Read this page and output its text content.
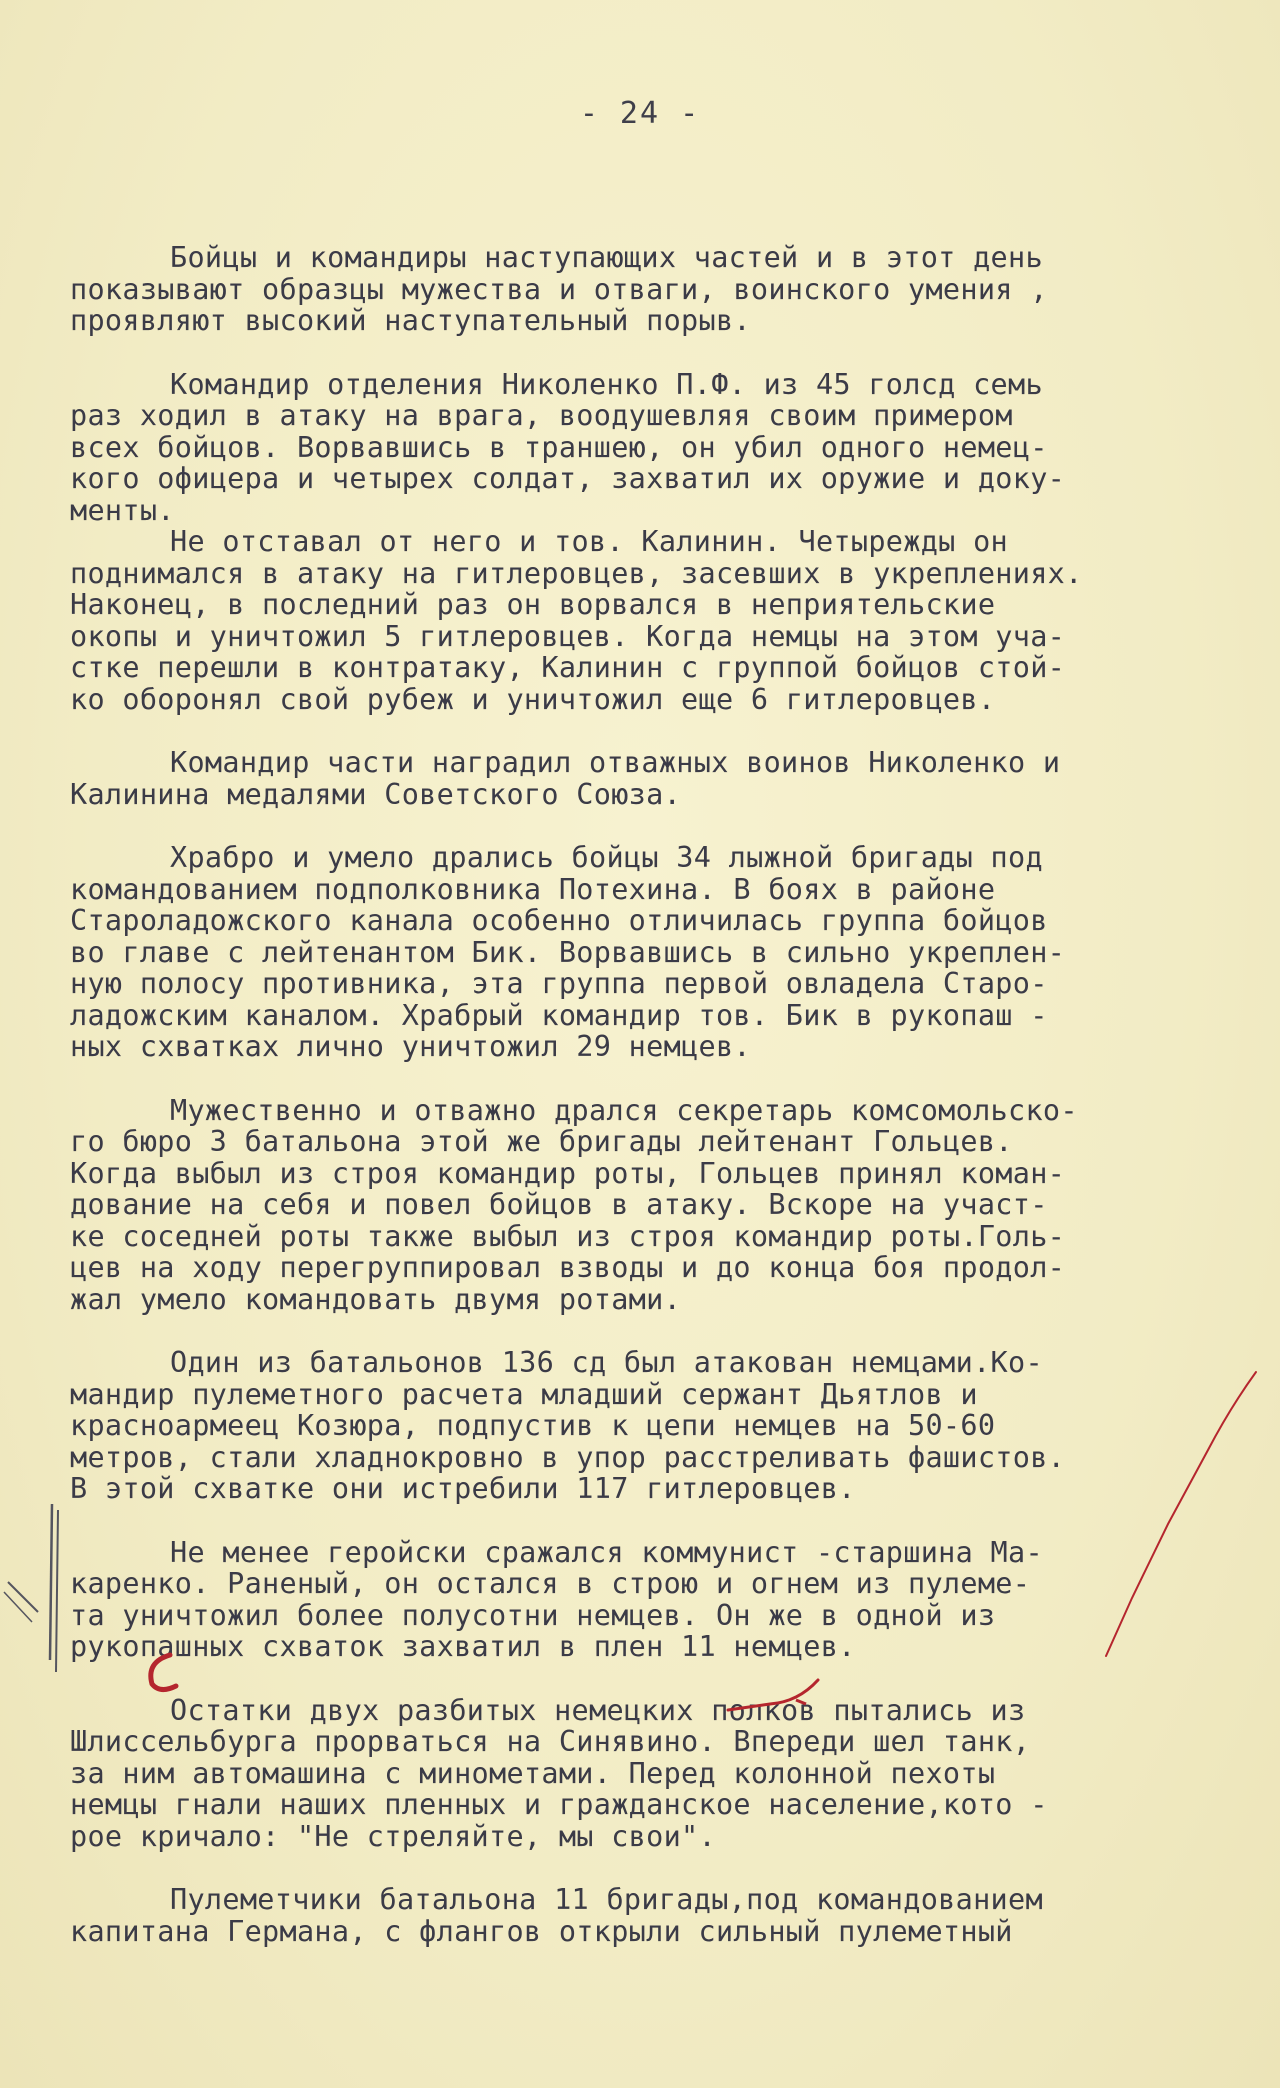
- 24 -
Бойцы и командиры наступающих частей и в этот день
показывают образцы мужества и отваги, воинского умения ,
проявляют высокий наступательный порыв.
Командир отделения Николенко П.Ф. из 45 голсд семь
раз ходил в атаку на врага, воодушевляя своим примером
всех бойцов. Ворвавшись в траншею, он убил одного немец-
кого офицера и четырех солдат, захватил их оружие и доку-
менты.
Не отставал от него и тов. Калинин. Четырежды он
поднимался в атаку на гитлеровцев, засевших в укреплениях.
Наконец, в последний раз он ворвался в неприятельские
окопы и уничтожил 5 гитлеровцев. Когда немцы на этом уча-
стке перешли в контратаку, Калинин с группой бойцов стой-
ко оборонял свой рубеж и уничтожил еще 6 гитлеровцев.
Командир части наградил отважных воинов Николенко и
Калинина медалями Советского Союза.
Храбро и умело дрались бойцы 34 лыжной бригады под
командованием подполковника Потехина. В боях в районе
Староладожского канала особенно отличилась группа бойцов
во главе с лейтенантом Бик. Ворвавшись в сильно укреплен-
ную полосу противника, эта группа первой овладела Старо-
ладожским каналом. Храбрый командир тов. Бик в рукопаш -
ных схватках лично уничтожил 29 немцев.
Мужественно и отважно дрался секретарь комсомольско-
го бюро 3 батальона этой же бригады лейтенант Гольцев.
Когда выбыл из строя командир роты, Гольцев принял коман-
дование на себя и повел бойцов в атаку. Вскоре на участ-
ке соседней роты также выбыл из строя командир роты.Голь-
цев на ходу перегруппировал взводы и до конца боя продол-
жал умело командовать двумя ротами.
Один из батальонов 136 сд был атакован немцами.Ко-
мандир пулеметного расчета младший сержант Дьятлов и
красноармеец Козюра, подпустив к цепи немцев на 50-60
метров, стали хладнокровно в упор расстреливать фашистов.
В этой схватке они истребили 117 гитлеровцев.
Не менее геройски сражался коммунист -старшина Ма-
каренко. Раненый, он остался в строю и огнем из пулеме-
та уничтожил более полусотни немцев. Он же в одной из
рукопашных схваток захватил в плен 11 немцев.
Остатки двух разбитых немецких полков пытались из
Шлиссельбурга прорваться на Синявино. Впереди шел танк,
за ним автомашина с минометами. Перед колонной пехоты
немцы гнали наших пленных и гражданское население,кото -
рое кричало: "Не стреляйте, мы свои".
Пулеметчики батальона 11 бригады,под командованием
капитана Германа, с флангов открыли сильный пулеметный
